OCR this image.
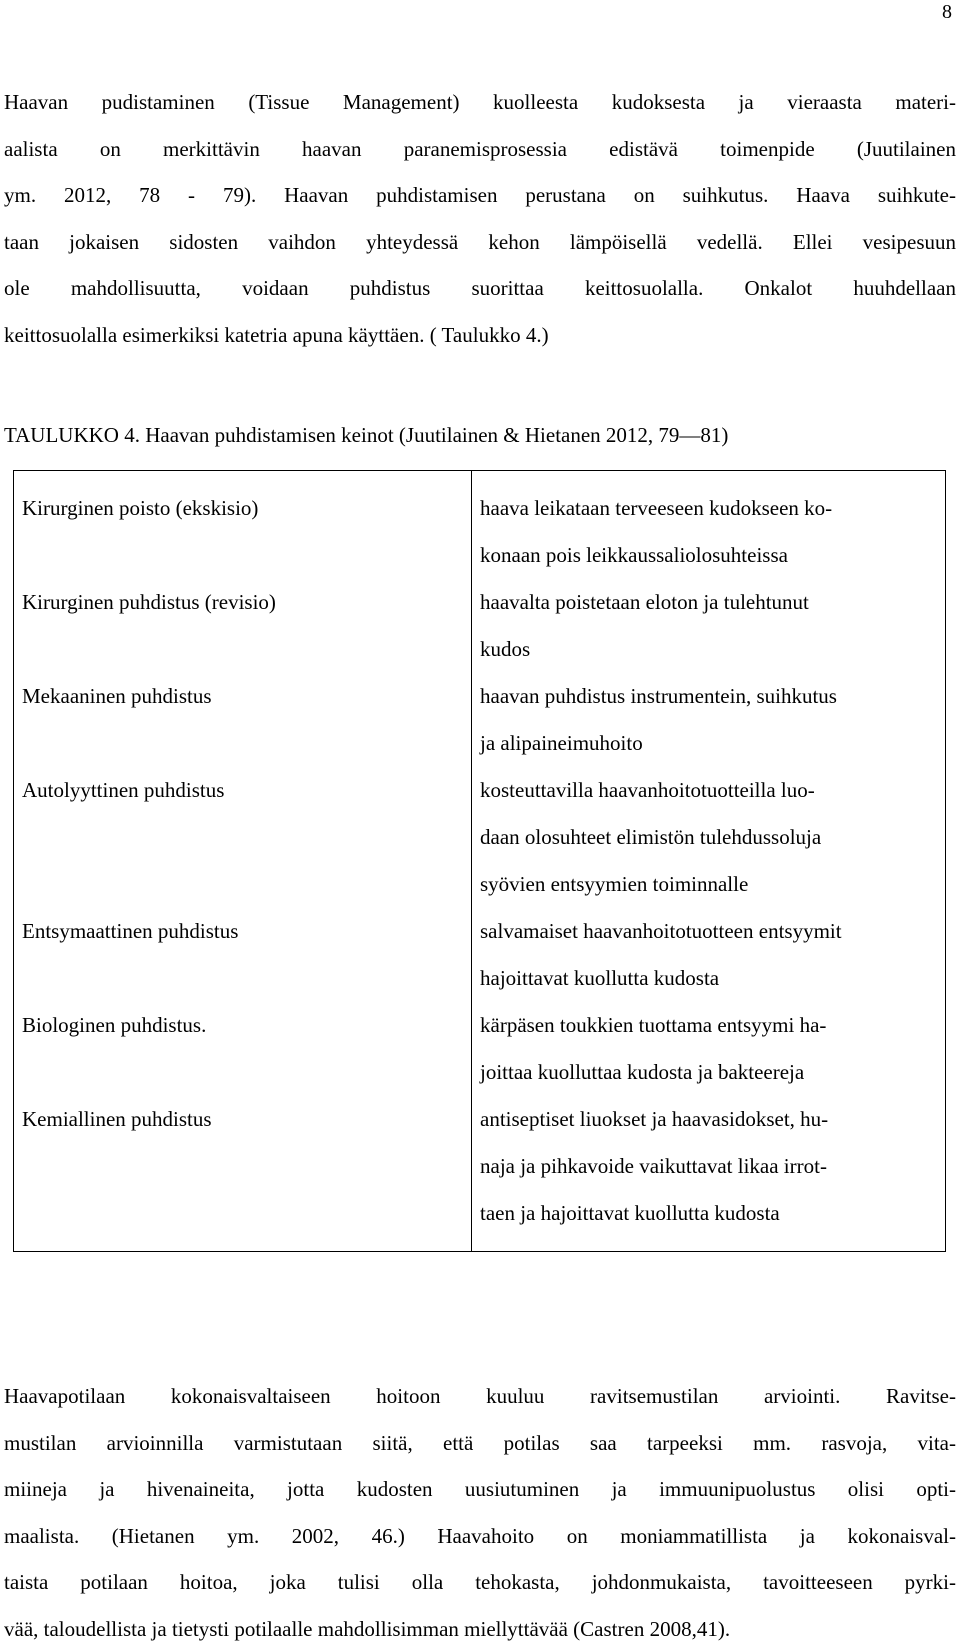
8
Haavan pudistaminen (Tissue Management) kuolleesta kudoksesta ja vieraasta materi-
aalista on merkittävin haavan paranemisprosessia edistävä toimenpide (Juutilainen
ym. 2012, 78 - 79). Haavan puhdistamisen perustana on suihkutus. Haava suihkute-
taan jokaisen sidosten vaihdon yhteydessä kehon lämpöisellä vedellä. Ellei vesipesuun
ole mahdollisuutta, voidaan puhdistus suorittaa keittosuolalla. Onkalot huuhdellaan
keittosuolalla esimerkiksi katetria apuna käyttäen. ( Taulukko 4.)
TAULUKKO 4. Haavan puhdistamisen keinot (Juutilainen & Hietanen 2012, 79—81)
Kirurginen poisto (ekskisio)	haava leikataan terveeseen kudokseen ko-
konaan pois leikkaussaliolosuhteissa

Kirurginen puhdistus (revisio)	haavalta poistetaan eloton ja tulehtunut
kudos

Mekaaninen puhdistus	haavan puhdistus instrumentein, suihkutus
ja alipaineimuhoito

Autolyyttinen puhdistus	kosteuttavilla haavanhoitotuotteilla luo-
daan olosuhteet elimistön tulehdussoluja
syövien entsyymien toiminnalle

Entsymaattinen puhdistus	salvamaiset haavanhoitotuotteen entsyymit
hajoittavat kuollutta kudosta

Biologinen puhdistus.	kärpäsen toukkien tuottama entsyymi ha-
joittaa kuolluttaa kudosta ja bakteereja

Kemiallinen puhdistus	antiseptiset liuokset ja haavasidokset, hu-
naja ja pihkavoide vaikuttavat likaa irrot-
taen ja hajoittavat kuollutta kudosta
Haavapotilaan kokonaisvaltaiseen hoitoon kuuluu ravitsemustilan arviointi. Ravitse-
mustilan arvioinnilla varmistutaan siitä, että potilas saa tarpeeksi mm. rasvoja, vita-
miineja ja hivenaineita, jotta kudosten uusiutuminen ja immuunipuolustus olisi opti-
maalista. (Hietanen ym. 2002, 46.) Haavahoito on moniammatillista ja kokonaisval-
taista potilaan hoitoa, joka tulisi olla tehokasta, johdonmukaista, tavoitteeseen pyrki-
vää, taloudellista ja tietysti potilaalle mahdollisimman miellyttävää (Castren 2008,41).
